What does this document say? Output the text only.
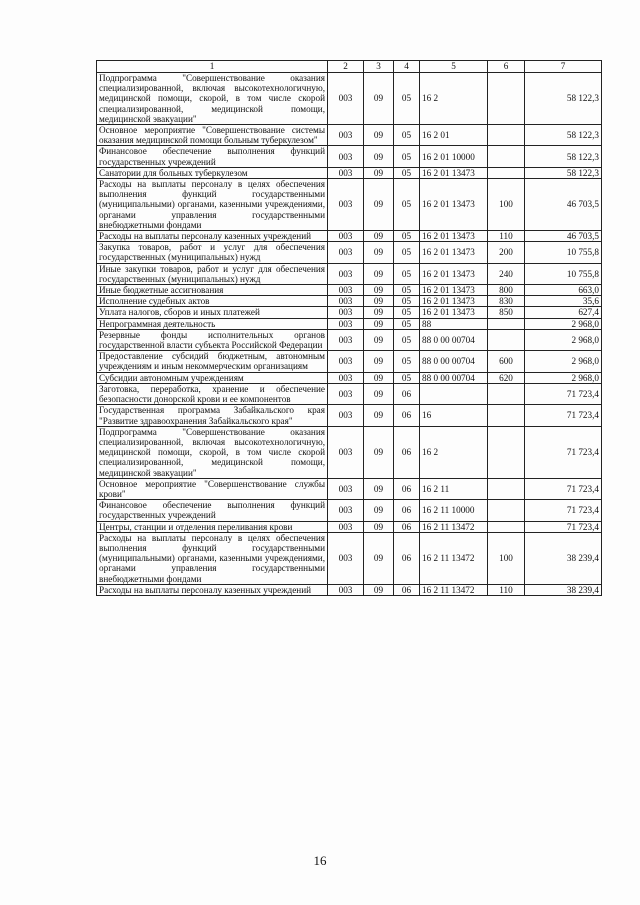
1	2	3	4	5	6	7
Подпрограмма "Совершенствование оказания специализированной, включая высокотехнологичную, медицинской помощи, скорой, в том числе скорой специализированной, медицинской помощи, медицинской эвакуации"	003	09	05	16 2		58 122,3
Основное мероприятие "Совершенствование системы оказания медицинской помощи больным туберкулезом"	003	09	05	16 2 01		58 122,3
Финансовое обеспечение выполнения функций государственных учреждений	003	09	05	16 2 01 10000		58 122,3
Санатории для больных туберкулезом	003	09	05	16 2 01 13473		58 122,3
Расходы на выплаты персоналу в целях обеспечения выполнения функций государственными (муниципальными) органами, казенными учреждениями, органами управления государственными внебюджетными фондами	003	09	05	16 2 01 13473	100	46 703,5
Расходы на выплаты персоналу казенных учреждений	003	09	05	16 2 01 13473	110	46 703,5
Закупка товаров, работ и услуг для обеспечения государственных (муниципальных) нужд	003	09	05	16 2 01 13473	200	10 755,8
Иные закупки товаров, работ и услуг для обеспечения государственных (муниципальных) нужд	003	09	05	16 2 01 13473	240	10 755,8
Иные бюджетные ассигнования	003	09	05	16 2 01 13473	800	663,0
Исполнение судебных актов	003	09	05	16 2 01 13473	830	35,6
Уплата налогов, сборов и иных платежей	003	09	05	16 2 01 13473	850	627,4
Непрограммная деятельность	003	09	05	88		2 968,0
Резервные фонды исполнительных органов государственной власти субъекта Российской Федерации	003	09	05	88 0 00 00704		2 968,0
Предоставление субсидий бюджетным, автономным учреждениям и иным некоммерческим организациям	003	09	05	88 0 00 00704	600	2 968,0
Субсидии автономным учреждениям	003	09	05	88 0 00 00704	620	2 968,0
Заготовка, переработка, хранение и обеспечение безопасности донорской крови и ее компонентов	003	09	06			71 723,4
Государственная программа Забайкальского края "Развитие здравоохранения Забайкальского края"	003	09	06	16		71 723,4
Подпрограмма "Совершенствование оказания специализированной, включая высокотехнологичную, медицинской помощи, скорой, в том числе скорой специализированной, медицинской помощи, медицинской эвакуации"	003	09	06	16 2		71 723,4
Основное мероприятие "Совершенствование службы крови"	003	09	06	16 2 11		71 723,4
Финансовое обеспечение выполнения функций государственных учреждений	003	09	06	16 2 11 10000		71 723,4
Центры, станции и отделения переливания крови	003	09	06	16 2 11 13472		71 723,4
Расходы на выплаты персоналу в целях обеспечения выполнения функций государственными (муниципальными) органами, казенными учреждениями, органами управления государственными внебюджетными фондами	003	09	06	16 2 11 13472	100	38 239,4
Расходы на выплаты персоналу казенных учреждений	003	09	06	16 2 11 13472	110	38 239,4
16
